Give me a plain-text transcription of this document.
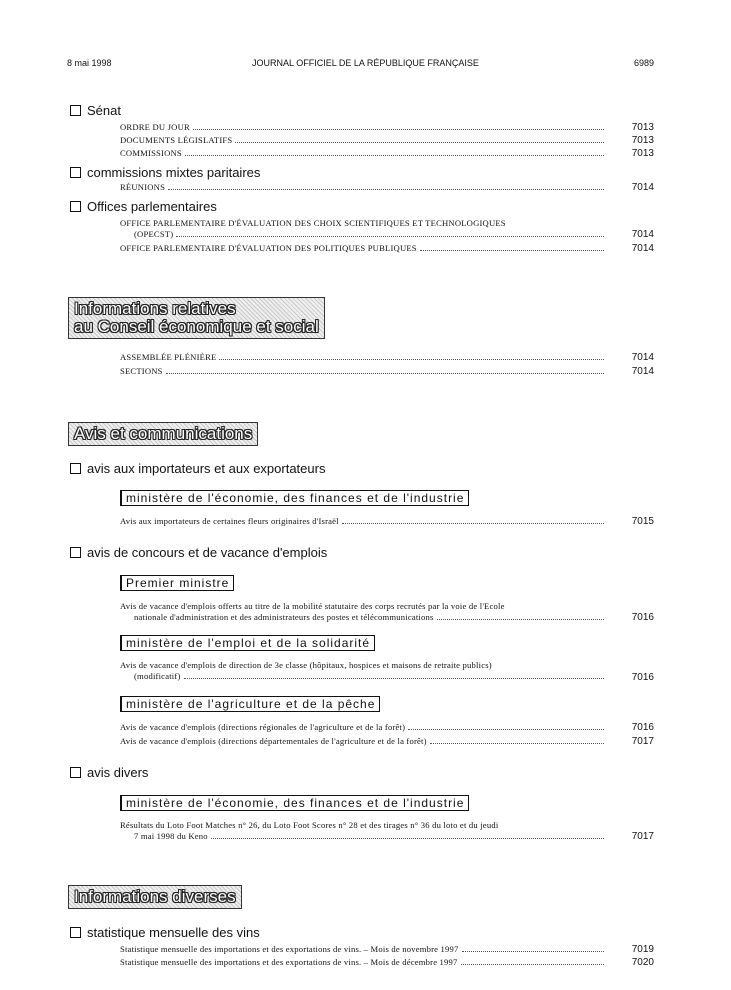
8 mai 1998	JOURNAL OFFICIEL DE LA RÉPUBLIQUE FRANÇAISE	6989
Sénat
ORDRE DU JOUR	7013
DOCUMENTS LÉGISLATIFS	7013
COMMISSIONS	7013
commissions mixtes paritaires
RÉUNIONS	7014
Offices parlementaires
OFFICE PARLEMENTAIRE D'ÉVALUATION DES CHOIX SCIENTIFIQUES ET TECHNOLOGIQUES
(OPECST)	7014
OFFICE PARLEMENTAIRE D'ÉVALUATION DES POLITIQUES PUBLIQUES	7014
Informations relatives
au Conseil économique et social
ASSEMBLÉE PLÉNIÈRE	7014
SECTIONS	7014
Avis et communications
avis aux importateurs et aux exportateurs
ministère de l'économie, des finances et de l'industrie
Avis aux importateurs de certaines fleurs originaires d'Israël	7015
avis de concours et de vacance d'emplois
Premier ministre
Avis de vacance d'emplois offerts au titre de la mobilité statutaire des corps recrutés par la voie de l'Ecole
nationale d'administration et des administrateurs des postes et télécommunications	7016
ministère de l'emploi et de la solidarité
Avis de vacance d'emplois de direction de 3e classe (hôpitaux, hospices et maisons de retraite publics)
(modificatif)	7016
ministère de l'agriculture et de la pêche
Avis de vacance d'emplois (directions régionales de l'agriculture et de la forêt)	7016
Avis de vacance d'emplois (directions départementales de l'agriculture et de la forêt)	7017
avis divers
ministère de l'économie, des finances et de l'industrie
Résultats du Loto Foot Matches n° 26, du Loto Foot Scores n° 28 et des tirages n° 36 du loto et du jeudi
7 mai 1998 du Keno	7017
Informations diverses
statistique mensuelle des vins
Statistique mensuelle des importations et des exportations de vins. – Mois de novembre 1997	7019
Statistique mensuelle des importations et des exportations de vins. – Mois de décembre 1997	7020
